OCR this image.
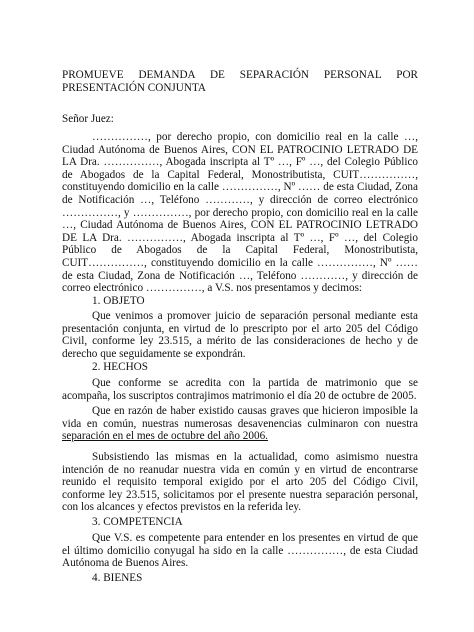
PROMUEVE DEMANDA DE SEPARACIÓN PERSONAL POR PRESENTACIÓN CONJUNTA
Señor Juez:
……………, por derecho propio, con domicilio real en la calle …, Ciudad Autónoma de Buenos Aires, CON EL PATROCINIO LETRADO DE LA Dra. ……………, Abogada inscripta al Tº …, Fº …, del Colegio Público de Abogados de la Capital Federal, Monostributista, CUIT……………, constituyendo domicilio en la calle ……………, Nº …… de esta Ciudad, Zona de Notificación …, Teléfono …………, y dirección de correo electrónico ……………, y ……………, por derecho propio, con domicilio real en la calle …, Ciudad Autónoma de Buenos Aires, CON EL PATROCINIO LETRADO DE LA Dra. ……………, Abogada inscripta al Tº …, Fº …, del Colegio Público de Abogados de la Capital Federal, Monostributista, CUIT……………, constituyendo domicilio en la calle ……………, Nº …… de esta Ciudad, Zona de Notificación …, Teléfono …………, y dirección de correo electrónico ……………, a V.S. nos presentamos y decimos:
1. OBJETO
Que venimos a promover juicio de separación personal mediante esta presentación conjunta, en virtud de lo prescripto por el arto 205 del Código Civil, conforme ley 23.515, a mérito de las consideraciones de hecho y de derecho que seguidamente se expondrán.
2. HECHOS
Que conforme se acredita con la partida de matrimonio que se acompaña, los suscriptos contrajimos matrimonio el día 20 de octubre de 2005.
Que en razón de haber existido causas graves que hicieron imposible la vida en común, nuestras numerosas desavenencias culminaron con nuestra separación en el mes de octubre del año 2006.
Subsistiendo las mismas en la actualidad, como asimismo nuestra intención de no reanudar nuestra vida en común y en virtud de encontrarse reunido el requisito temporal exigido por el arto 205 del Código Civil, conforme ley 23.515, solicitamos por el presente nuestra separación personal, con los alcances y efectos previstos en la referida ley.
3. COMPETENCIA
Que V.S. es competente para entender en los presentes en virtud de que el último domicilio conyugal ha sido en la calle ……………, de esta Ciudad Autónoma de Buenos Aires.
4. BIENES
